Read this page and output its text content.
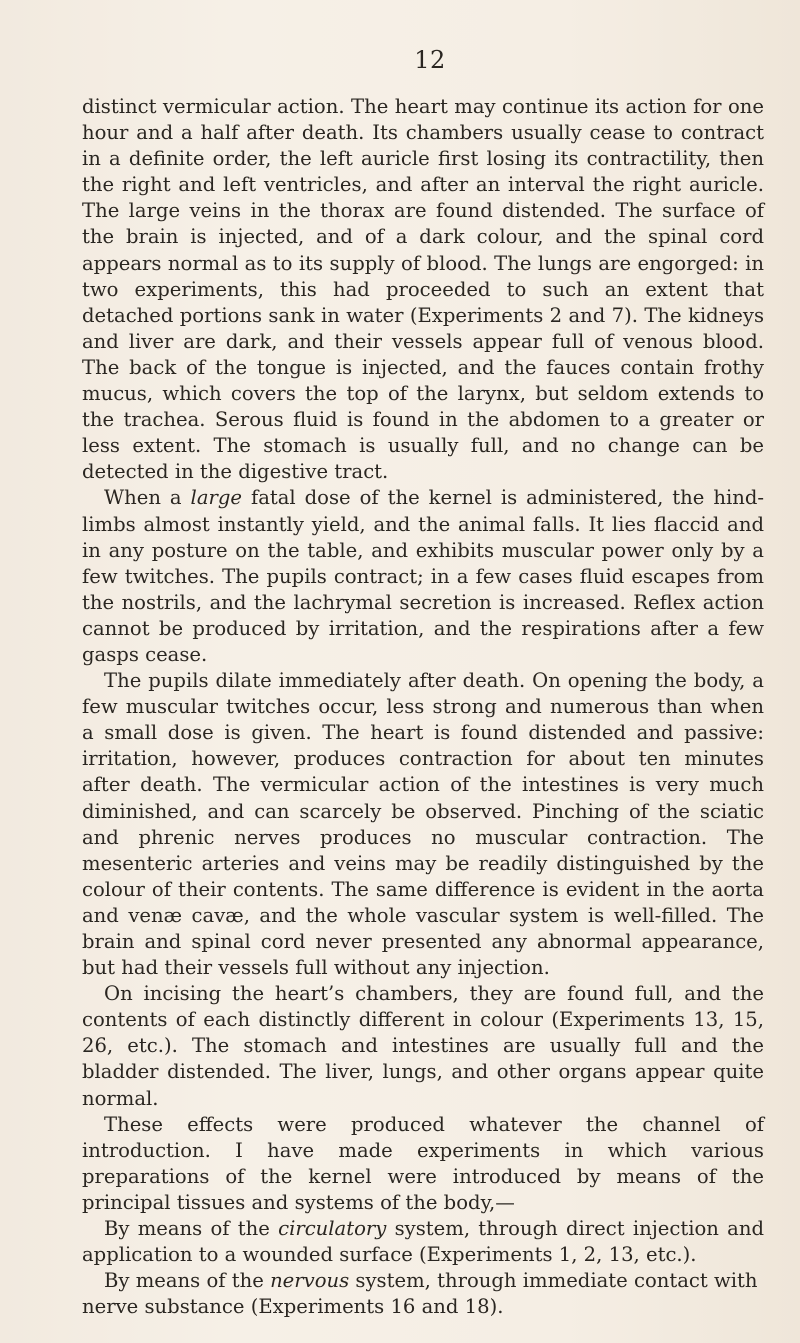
12

distinct vermicular action. The heart may continue its action for one hour and a half after death. Its chambers usually cease to contract in a definite order, the left auricle first losing its contractility, then the right and left ventricles, and after an interval the right auricle. The large veins in the thorax are found distended. The surface of the brain is injected, and of a dark colour, and the spinal cord appears normal as to its supply of blood. The lungs are engorged: in two experiments, this had proceeded to such an extent that detached portions sank in water (Experiments 2 and 7). The kidneys and liver are dark, and their vessels appear full of venous blood. The back of the tongue is injected, and the fauces contain frothy mucus, which covers the top of the larynx, but seldom extends to the trachea. Serous fluid is found in the abdomen to a greater or less extent. The stomach is usually full, and no change can be detected in the digestive tract.

When a large fatal dose of the kernel is administered, the hind-limbs almost instantly yield, and the animal falls. It lies flaccid and in any posture on the table, and exhibits muscular power only by a few twitches. The pupils contract; in a few cases fluid escapes from the nostrils, and the lachrymal secretion is increased. Reflex action cannot be produced by irritation, and the respirations after a few gasps cease.

The pupils dilate immediately after death. On opening the body, a few muscular twitches occur, less strong and numerous than when a small dose is given. The heart is found distended and passive: irritation, however, produces contraction for about ten minutes after death. The vermicular action of the intestines is very much diminished, and can scarcely be observed. Pinching of the sciatic and phrenic nerves produces no muscular contraction. The mesenteric arteries and veins may be readily distinguished by the colour of their contents. The same difference is evident in the aorta and venæ cavæ, and the whole vascular system is well-filled. The brain and spinal cord never presented any abnormal appearance, but had their vessels full without any injection.

On incising the heart’s chambers, they are found full, and the contents of each distinctly different in colour (Experiments 13, 15, 26, etc.). The stomach and intestines are usually full and the bladder distended. The liver, lungs, and other organs appear quite normal.

These effects were produced whatever the channel of introduction. I have made experiments in which various preparations of the kernel were introduced by means of the principal tissues and systems of the body,—

By means of the circulatory system, through direct injection and application to a wounded surface (Experiments 1, 2, 13, etc.).

By means of the nervous system, through immediate contact with nerve substance (Experiments 16 and 18).
